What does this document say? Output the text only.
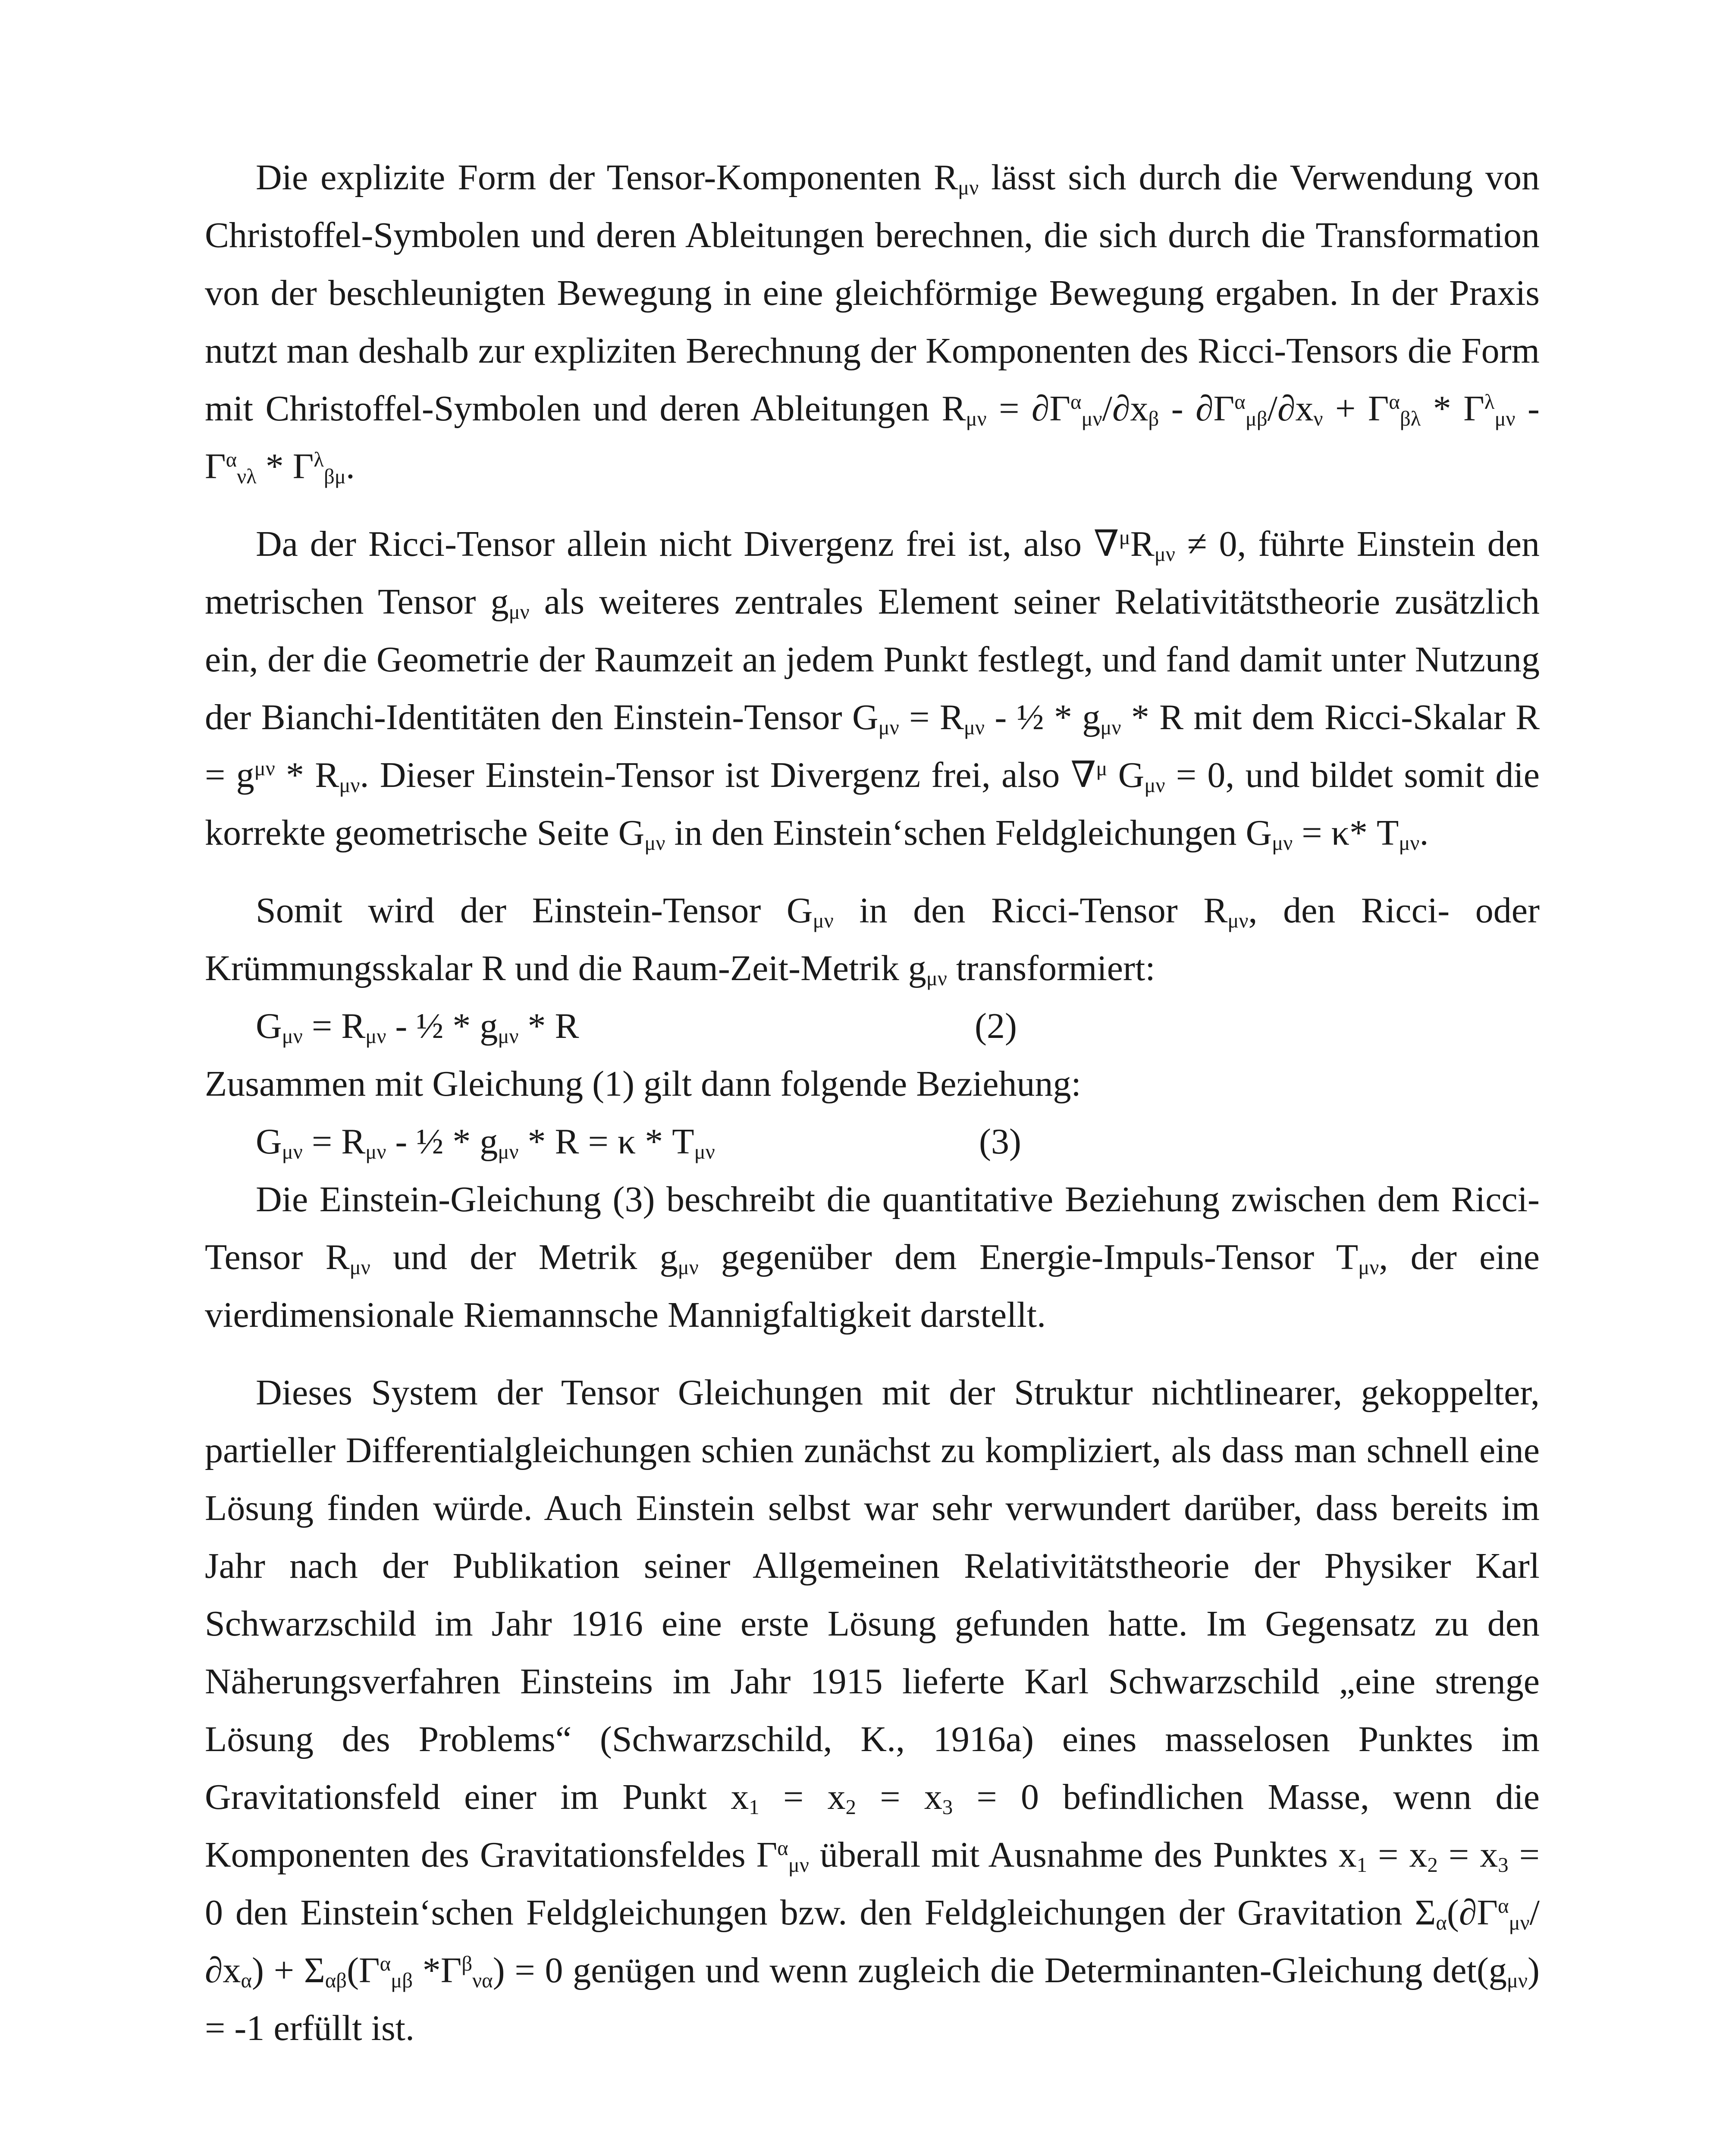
Die explizite Form der Tensor-Komponenten $R_{\mu\nu}$ lässt sich durch die Verwendung von Christoffel-Symbolen und deren Ableitungen berechnen, die sich durch die Transformation von der beschleunigten Bewegung in eine gleichförmige Bewegung ergaben. In der Praxis nutzt man deshalb zur expliziten Berechnung der Komponenten des Ricci-Tensors die Form mit Christoffel-Symbolen und deren Ableitungen $R_{\mu\nu} = \partial\Gamma^\alpha_{\mu\nu}/\partial x_\beta - \partial\Gamma^\alpha_{\mu\beta}/\partial x_\nu + \Gamma^\alpha_{\beta\lambda} * \Gamma^\lambda_{\mu\nu} - \Gamma^\alpha_{\nu\lambda} * \Gamma^\lambda_{\beta\mu}$.

Da der Ricci-Tensor allein nicht Divergenz frei ist, also $\nabla^\mu R_{\mu\nu} \ne 0$, führte Einstein den metrischen Tensor $g_{\mu\nu}$ als weiteres zentrales Element seiner Relativitätstheorie zusätzlich ein, der die Geometrie der Raumzeit an jedem Punkt festlegt, und fand damit unter Nutzung der Bianchi-Identitäten den Einstein-Tensor $G_{\mu\nu} = R_{\mu\nu}$ - ½ * $g_{\mu\nu}$ * R mit dem Ricci-Skalar $R = g^{\mu\nu} * R_{\mu\nu}$. Dieser Einstein-Tensor ist Divergenz frei, also ∇$^\mu$ $G_{\mu\nu} = 0$, und bildet somit die korrekte geometrische Seite $G_{\mu\nu}$ in den Einstein‘schen Feldgleichungen $G_{\mu\nu} = \kappa*$ $T_{\mu\nu}$.

Somit wird der Einstein-Tensor $G_{\mu\nu}$ in den Ricci-Tensor $R_{\mu\nu}$, den Ricci- oder Krümmungsskalar R und die Raum-Zeit-Metrik $g_{\mu\nu}$ transformiert:

$G_{\mu\nu} = R_{\mu\nu}$ - ½ * $g_{\mu\nu}$ * R	(2)

Zusammen mit Gleichung (1) gilt dann folgende Beziehung:

$G_{\mu\nu} = R_{\mu\nu}$ - ½ * $g_{\mu\nu} * R = \kappa * T_{\mu\nu}$	(3)

Die Einstein-Gleichung (3) beschreibt die quantitative Beziehung zwischen dem Ricci-Tensor $R_{\mu\nu}$ und der Metrik $g_{\mu\nu}$ gegenüber dem Energie-Impuls-Tensor $T_{\mu\nu}$, der eine vierdimensionale Riemannsche Mannigfaltigkeit darstellt.

Dieses System der Tensor Gleichungen mit der Struktur nichtlinearer, gekoppelter, partieller Differentialgleichungen schien zunächst zu kompliziert, als dass man schnell eine Lösung finden würde. Auch Einstein selbst war sehr verwundert darüber, dass bereits im Jahr nach der Publikation seiner Allgemeinen Relativitätstheorie der Physiker Karl Schwarzschild im Jahr 1916 eine erste Lösung gefunden hatte. Im Gegensatz zu den Näherungsverfahren Einsteins im Jahr 1915 lieferte Karl Schwarzschild „eine strenge Lösung des Problems“ (Schwarzschild, K., 1916a) eines masselosen Punktes im Gravitationsfeld einer im Punkt $x_1 = x_2 = x_3 = 0$ befindlichen Masse, wenn die Komponenten des Gravitationsfeldes $\Gamma^\alpha_{\mu\nu}$ überall mit Ausnahme des Punktes $x_1 = x_2 = x_3 = 0$ den Einstein‘schen Feldgleichungen bzw. den Feldgleichungen der Gravitation $\Sigma_\alpha(\partial\Gamma^\alpha_{\mu\nu}/\partial x_\alpha) + \Sigma_{\alpha\beta}(\Gamma^\alpha_{\mu\beta}$ $*\Gamma^\beta_{\nu\alpha}) = 0$ genügen und wenn zugleich die Determinanten-Gleichung $\det(g_{\mu\nu}) = -1$ erfüllt ist.
